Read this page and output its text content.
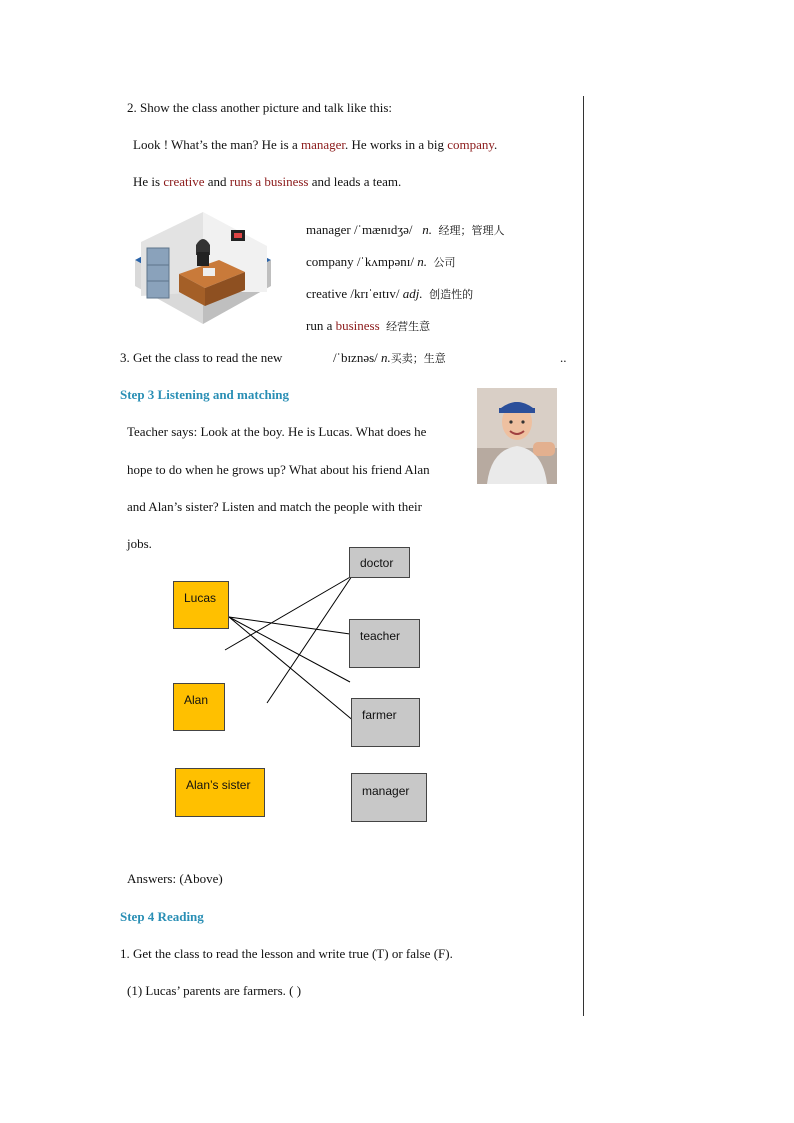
2. Show the class another picture and talk like this:
Look ! What’s the man? He is a manager. He works in a big company.
He is creative and runs a business and leads a team.
manager /ˈmænɪdʒə/ n. 经理；管理人
company /ˈkʌmpənɪ/ n. 公司
creative /krɪˈeɪtɪv/ adj. 创造性的
run a business 经营生意
3. Get the class to read the new	/ˈbɪznəs/ n.买卖；生意	..
Step 3 Listening and matching
Teacher says: Look at the boy. He is Lucas. What does he
hope to do when he grows up? What about his friend Alan
and Alan’s sister? Listen and match the people with their
jobs.
Lucas
Alan
Alan’s sister
doctor
teacher
farmer
manager
Answers: (Above)
Step 4 Reading
1. Get the class to read the lesson and write true (T) or false (F).
(1) Lucas’ parents are farmers. ( )
